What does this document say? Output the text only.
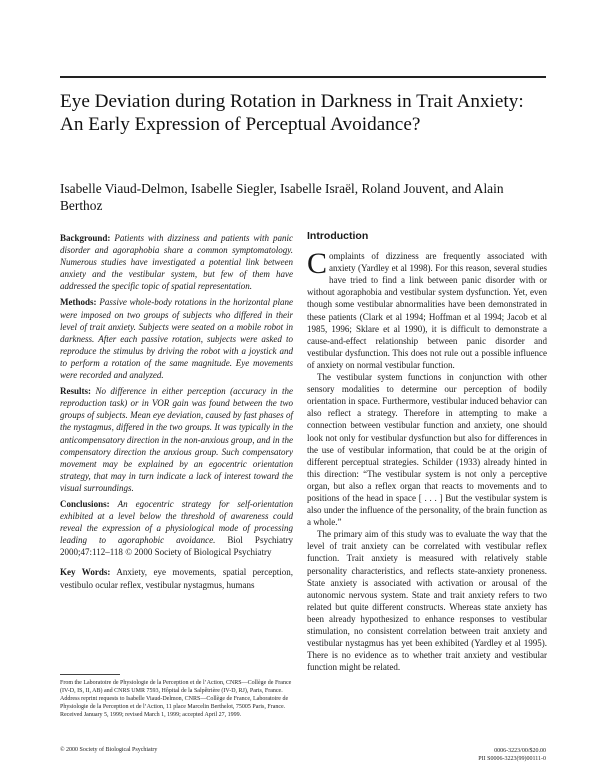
Eye Deviation during Rotation in Darkness in Trait Anxiety: An Early Expression of Perceptual Avoidance?
Isabelle Viaud-Delmon, Isabelle Siegler, Isabelle Israël, Roland Jouvent, and Alain Berthoz
Background: Patients with dizziness and patients with panic disorder and agoraphobia share a common symptomatology. Numerous studies have investigated a potential link between anxiety and the vestibular system, but few of them have addressed the specific topic of spatial representation.
Methods: Passive whole-body rotations in the horizontal plane were imposed on two groups of subjects who differed in their level of trait anxiety. Subjects were seated on a mobile robot in darkness. After each passive rotation, subjects were asked to reproduce the stimulus by driving the robot with a joystick and to perform a rotation of the same magnitude. Eye movements were recorded and analyzed.
Results: No difference in either perception (accuracy in the reproduction task) or in VOR gain was found between the two groups of subjects. Mean eye deviation, caused by fast phases of the nystagmus, differed in the two groups. It was typically in the anticompensatory direction in the non-anxious group, and in the compensatory direction the anxious group. Such compensatory movement may be explained by an egocentric orientation strategy, that may in turn indicate a lack of interest toward the visual surroundings.
Conclusions: An egocentric strategy for self-orientation exhibited at a level below the threshold of awareness could reveal the expression of a physiological mode of processing leading to agoraphobic avoidance. Biol Psychiatry 2000;47:112–118 © 2000 Society of Biological Psychiatry
Key Words: Anxiety, eye movements, spatial perception, vestibulo ocular reflex, vestibular nystagmus, humans
Introduction

Complaints of dizziness are frequently associated with anxiety (Yardley et al 1998). For this reason, several studies have tried to find a link between panic disorder with or without agoraphobia and vestibular system dysfunction. Yet, even though some vestibular abnormalities have been demonstrated in these patients (Clark et al 1994; Hoffman et al 1994; Jacob et al 1985, 1996; Sklare et al 1990), it is difficult to demonstrate a cause-and-effect relationship between panic disorder and vestibular dysfunction. This does not rule out a possible influence of anxiety on normal vestibular function.

The vestibular system functions in conjunction with other sensory modalities to determine our perception of bodily orientation in space. Furthermore, vestibular induced behavior can also reflect a strategy. Therefore in attempting to make a connection between vestibular function and anxiety, one should look not only for vestibular dysfunction but also for differences in the use of vestibular information, that could be at the origin of different perceptual strategies. Schilder (1933) already hinted in this direction: “The vestibular system is not only a perceptive organ, but also a reflex organ that reacts to movements and to positions of the head in space [ . . . ] But the vestibular system is also under the influence of the personality, of the brain function as a whole.”

The primary aim of this study was to evaluate the way that the level of trait anxiety can be correlated with vestibular reflex function. Trait anxiety is measured with relatively stable personality characteristics, and reflects state-anxiety proneness. State anxiety is associated with activation or arousal of the autonomic nervous system. State and trait anxiety refers to two related but quite different constructs. Whereas state anxiety has been already hypothesized to enhance responses to vestibular stimulation, no consistent correlation between trait anxiety and vestibular nystagmus has yet been exhibited (Yardley et al 1995). There is no evidence as to whether trait anxiety and vestibular function might be related.

From the Laboratoire de Physiologie de la Perception et de l’Action, CNRS—Collège de France (IV-D, IS, II, AB) and CNRS UMR 7593, Hôpital de la Salpêtrière (IV-D, RJ), Paris, France.
Address reprint requests to Isabelle Viaud-Delmon, CNRS—Collège de France, Laboratoire de Physiologie de la Perception et de l’Action, 11 place Marcelin Berthelot, 75005 Paris, France.
Received January 5, 1999; revised March 1, 1999; accepted April 27, 1999.
© 2000 Society of Biological Psychiatry	0006-3223/00/$20.00
PII S0006-3223(99)00111-0
